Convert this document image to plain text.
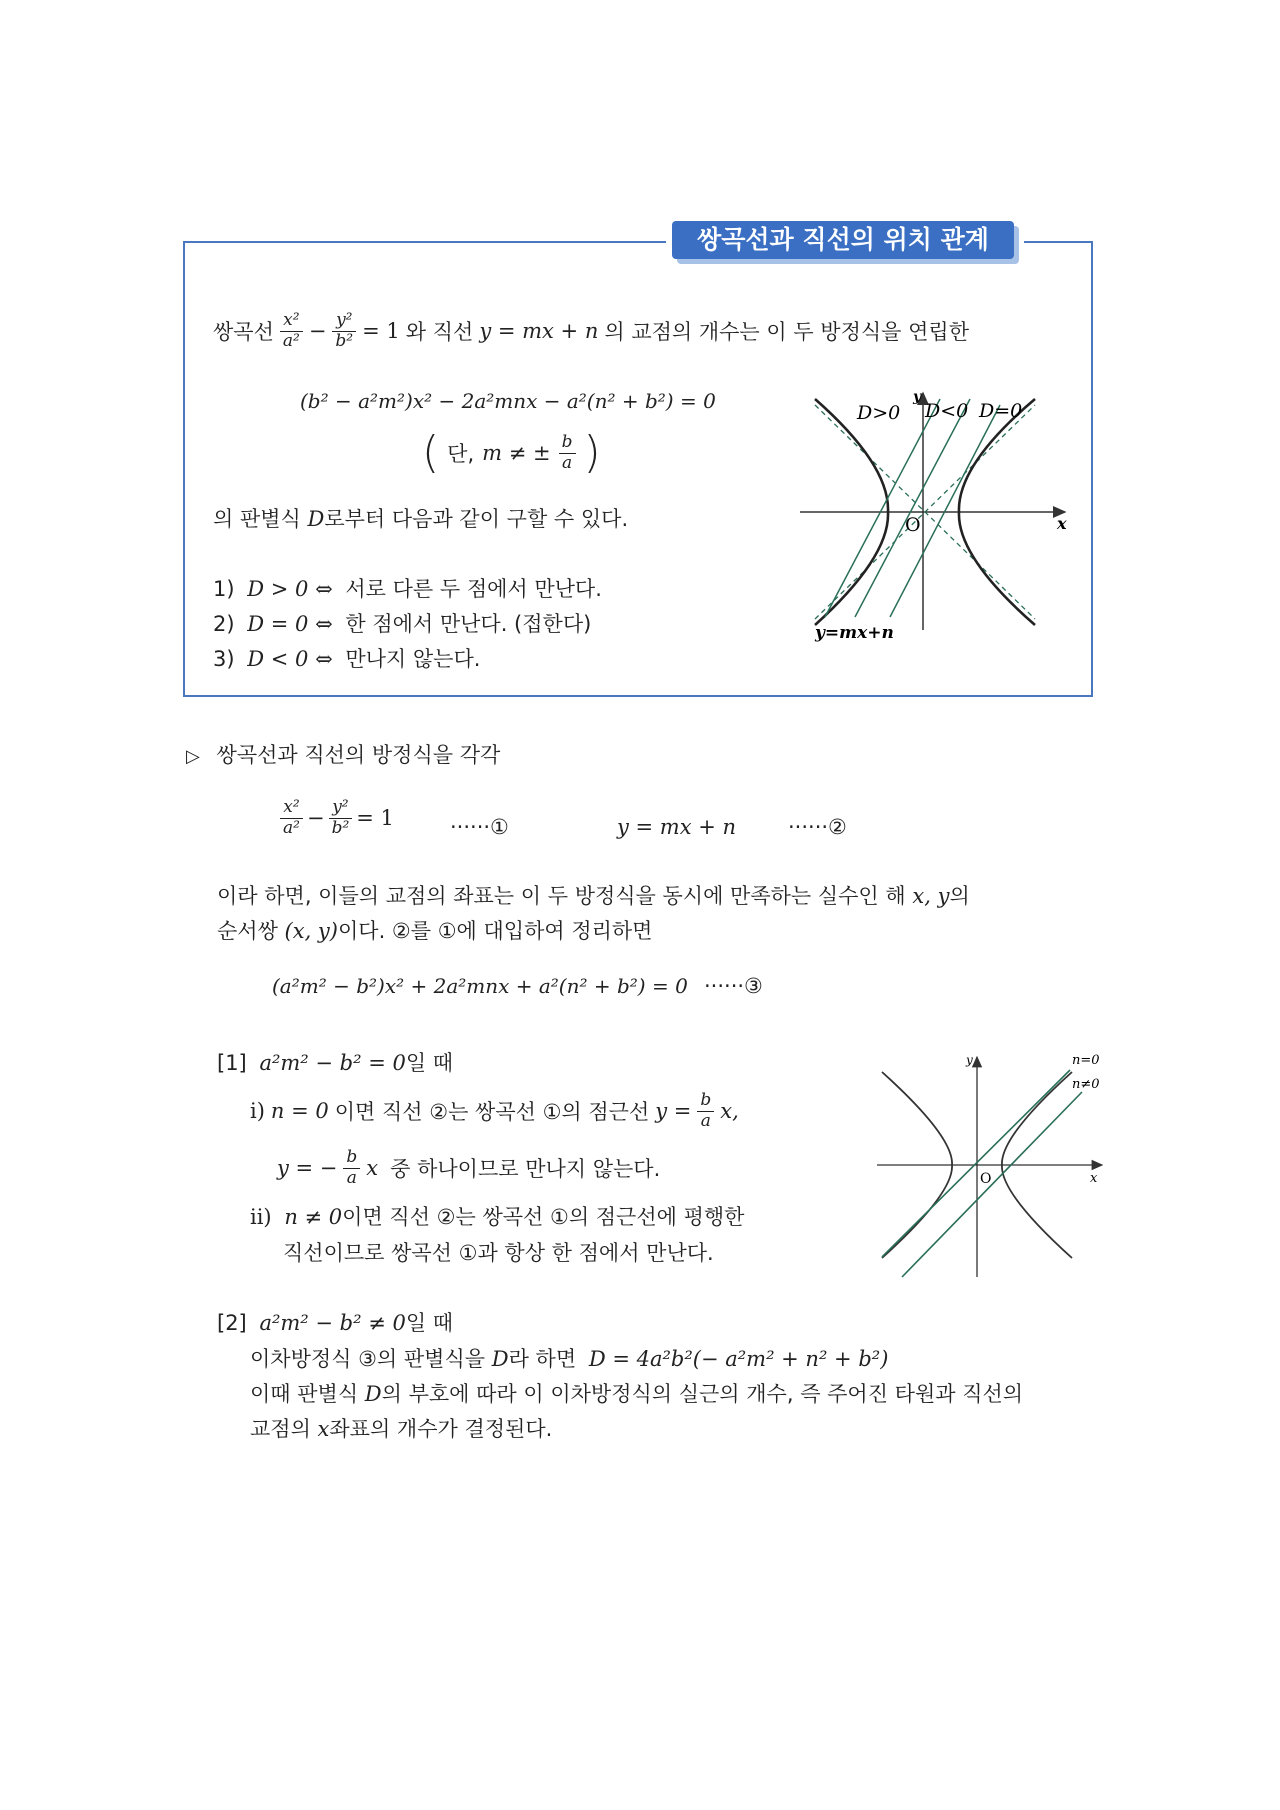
쌍곡선과 직선의 위치 관계
쌍곡선 $\frac{\text{x²}}{\text{a²}} - \frac{\text{y²}}{\text{b²}} = 1$ 와 직선 y = mx + n 의 교점의 개수는 이 두 방정식을 연립한
(b² − a²m²)x² − 2a²mnx − a²(n² + b²) = 0
( 단, m ≠ ± $\frac{b}{a}$ )
의 판별식 D로부터 다음과 같이 구할 수 있다.
1) D > 0 ⇔ 서로 다른 두 점에서 만난다.
2) D = 0 ⇔ 한 점에서 만난다. (접한다)
3) D < 0 ⇔ 만나지 않는다.
D>0 D<0 D=0
y
x
O
y=mx+n
▷ 쌍곡선과 직선의 방정식을 각각
$\frac{\text{x²}}{\text{a²}} - \frac{\text{y²}}{\text{b²}} = 1$	······①	y = mx + n ······②
이라 하면, 이들의 교점의 좌표는 이 두 방정식을 동시에 만족하는 실수인 해 x, y의
순서쌍 (x, y)이다. ②를 ①에 대입하여 정리하면
(a²m² − b²)x² + 2a²mnx + a²(n² + b²) = 0 ······③
[1] a²m² − b² = 0일 때
i) n = 0 이면 직선 ②는 쌍곡선 ①의 점근선 $y = \frac{b}{a} x$,
y = − $\frac{b}{a}$ x 중 하나이므로 만나지 않는다.
ii) n ≠ 0이면 직선 ②는 쌍곡선 ①의 점근선에 평행한
직선이므로 쌍곡선 ①과 항상 한 점에서 만난다.
y
x
O
n=0
n≠0
[2] a²m² − b² ≠ 0일 때
이차방정식 ③의 판별식을 D라 하면 D = 4a²b²(− a²m² + n² + b²)
이때 판별식 D의 부호에 따라 이 이차방정식의 실근의 개수, 즉 주어진 타원과 직선의
교점의 x좌표의 개수가 결정된다.
